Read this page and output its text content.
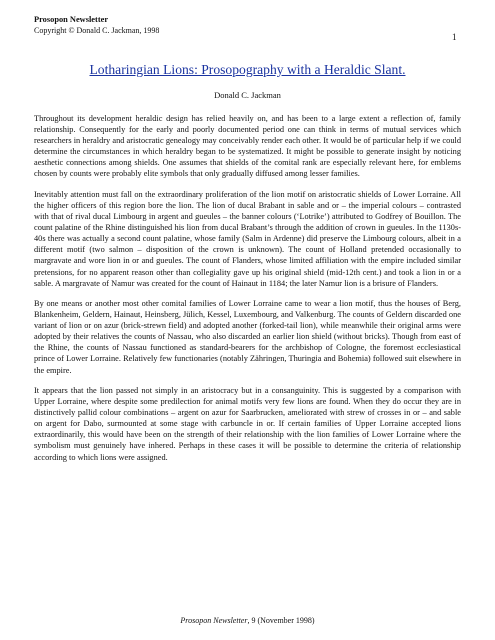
Prosopon Newsletter
Copyright © Donald C. Jackman, 1998
1
Lotharingian Lions: Prosopography with a Heraldic Slant.
Donald C. Jackman

Throughout its development heraldic design has relied heavily on, and has been to a large extent a reflection of, family relationship. Consequently for the early and poorly documented period one can think in terms of mutual services which researchers in heraldry and aristocratic genealogy may conceivably render each other. It would be of particular help if we could determine the circumstances in which heraldry began to be systematized. It might be possible to generate insight by noticing aesthetic connections among shields. One assumes that shields of the comital rank are especially relevant here, for emblems chosen by counts were probably elite symbols that only gradually diffused among lesser families.

Inevitably attention must fall on the extraordinary proliferation of the lion motif on aristocratic shields of Lower Lorraine. All the higher officers of this region bore the lion. The lion of ducal Brabant in sable and or – the imperial colours – contrasted with that of rival ducal Limbourg in argent and gueules – the banner colours (‘Lotrike’) attributed to Godfrey of Bouillon. The count palatine of the Rhine distinguished his lion from ducal Brabant’s through the addition of crown in gueules. In the 1130s-40s there was actually a second count palatine, whose family (Salm in Ardenne) did preserve the Limbourg colours, albeit in a different motif (two salmon – disposition of the crown is unknown). The count of Holland pretended occasionally to margravate and wore lion in or and gueules. The count of Flanders, whose limited affiliation with the empire included similar pretensions, for no apparent reason other than collegiality gave up his original shield (mid-12th cent.) and took a lion in or a sable. A margravate of Namur was created for the count of Hainaut in 1184; the later Namur lion is a brisure of Flanders.

By one means or another most other comital families of Lower Lorraine came to wear a lion motif, thus the houses of Berg, Blankenheim, Geldern, Hainaut, Heinsberg, Jülich, Kessel, Luxembourg, and Valkenburg. The counts of Geldern discarded one variant of lion or on azur (brick-strewn field) and adopted another (forked-tail lion), while meanwhile their original arms were adopted by their relatives the counts of Nassau, who also discarded an earlier lion shield (without bricks). Though from east of the Rhine, the counts of Nassau functioned as standard-bearers for the archbishop of Cologne, the foremost ecclesiastical prince of Lower Lorraine. Relatively few functionaries (notably Zähringen, Thuringia and Bohemia) followed suit elsewhere in the empire.

It appears that the lion passed not simply in an aristocracy but in a consanguinity. This is suggested by a comparison with Upper Lorraine, where despite some predilection for animal motifs very few lions are found. When they do occur they are in distinctively pallid colour combinations – argent on azur for Saarbrucken, ameliorated with strew of crosses in or – and sable on argent for Dabo, surmounted at some stage with carbuncle in or. If certain families of Upper Lorraine accepted lions extraordinarily, this would have been on the strength of their relationship with the lion families of Lower Lorraine where the symbolism must genuinely have inhered. Perhaps in these cases it will be possible to determine the criteria of relationship according to which lions were assigned.

Prosopon Newsletter, 9 (November 1998)
